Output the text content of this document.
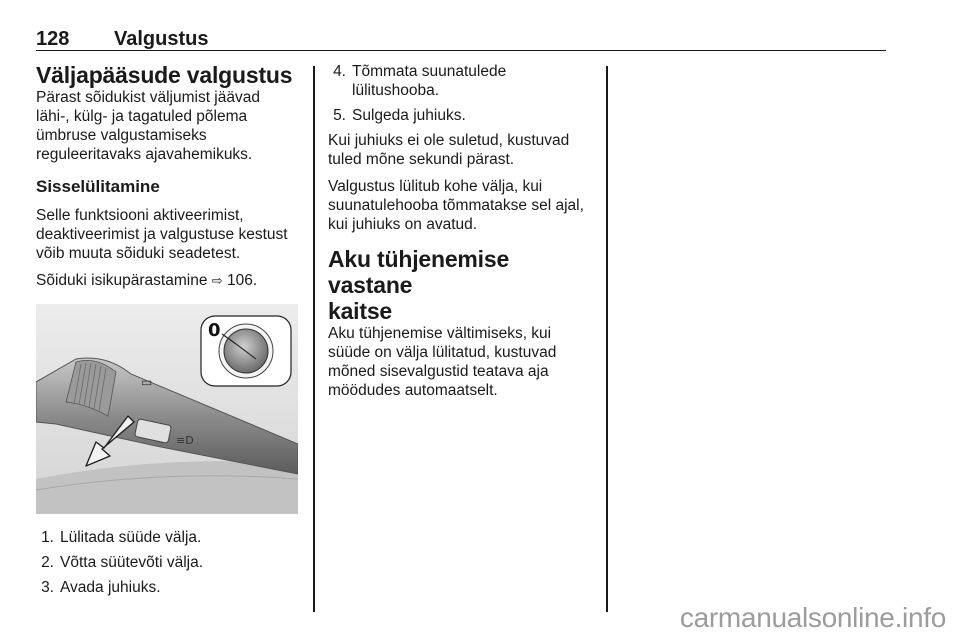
128 Valgustus
Väljapääsude valgustus

Pärast sõidukist väljumist jäävad
lähi-, külg- ja tagatuled põlema
ümbruse valgustamiseks
reguleeritavaks ajavahemikuks.

Sisselülitamine

Selle funktsiooni aktiveerimist,
deaktiveerimist ja valgustuse kestust
võib muuta sõiduki seadetest.

Sõiduki isikupärastamine ⇨ 106.

▭
≡D
0
1. Lülitada süüde välja.
2. Võtta süütevõti välja.
3. Avada juhiuks.
4. Tõmmata suunatulede
lülitushooba.
5. Sulgeda juhiuks.

Kui juhiuks ei ole suletud, kustuvad
tuled mõne sekundi pärast.

Valgustus lülitub kohe välja, kui
suunatulehooba tõmmatakse sel ajal,
kui juhiuks on avatud.

Aku tühjenemise vastane
kaitse

Aku tühjenemise vältimiseks, kui
süüde on välja lülitatud, kustuvad
mõned sisevalgustid teatava aja
möödudes automaatselt.

carmanualsonline.info
